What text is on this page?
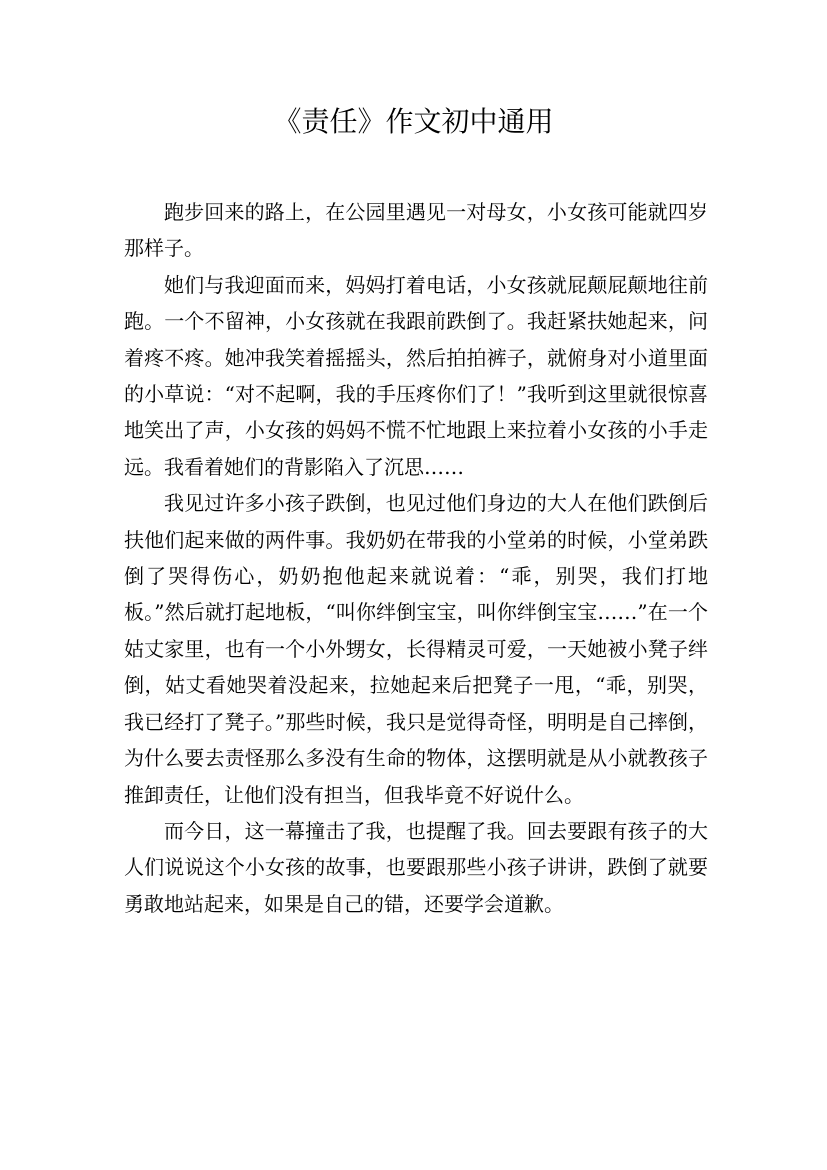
《责任》作文初中通用

跑步回来的路上，在公园里遇见一对母女，小女孩可能就四岁那样子。

她们与我迎面而来，妈妈打着电话，小女孩就屁颠屁颠地往前跑。一个不留神，小女孩就在我跟前跌倒了。我赶紧扶她起来，问着疼不疼。她冲我笑着摇摇头，然后拍拍裤子，就俯身对小道里面的小草说：“对不起啊，我的手压疼你们了！”我听到这里就很惊喜地笑出了声，小女孩的妈妈不慌不忙地跟上来拉着小女孩的小手走远。我看着她们的背影陷入了沉思……

我见过许多小孩子跌倒，也见过他们身边的大人在他们跌倒后扶他们起来做的两件事。我奶奶在带我的小堂弟的时候，小堂弟跌倒了哭得伤心，奶奶抱他起来就说着：“乖，别哭，我们打地板。”然后就打起地板，“叫你绊倒宝宝，叫你绊倒宝宝……”在一个姑丈家里，也有一个小外甥女，长得精灵可爱，一天她被小凳子绊倒，姑丈看她哭着没起来，拉她起来后把凳子一甩，“乖，别哭，我已经打了凳子。”那些时候，我只是觉得奇怪，明明是自己摔倒，为什么要去责怪那么多没有生命的物体，这摆明就是从小就教孩子推卸责任，让他们没有担当，但我毕竟不好说什么。

而今日，这一幕撞击了我，也提醒了我。回去要跟有孩子的大人们说说这个小女孩的故事，也要跟那些小孩子讲讲，跌倒了就要勇敢地站起来，如果是自己的错，还要学会道歉。
